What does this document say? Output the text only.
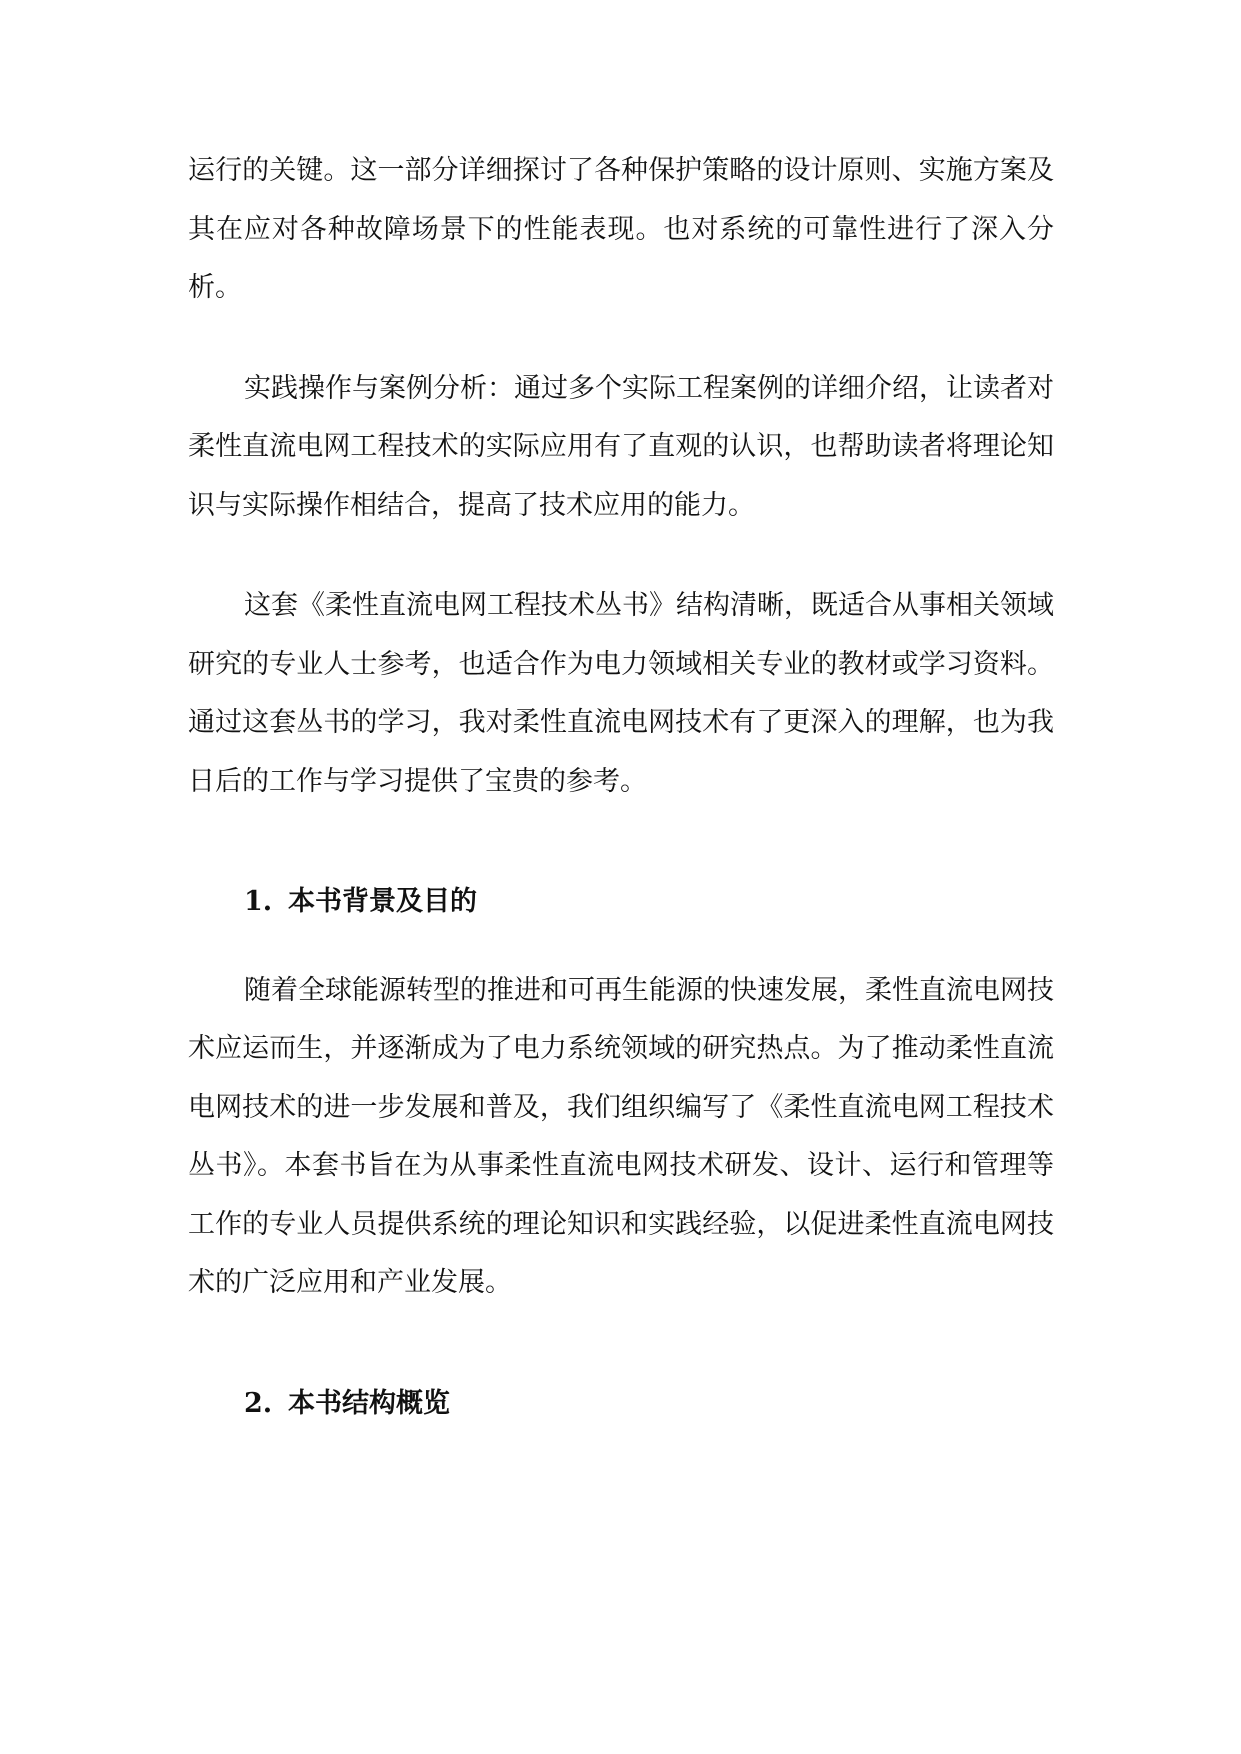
运行的关键。这一部分详细探讨了各种保护策略的设计原则、实施方案及其在应对各种故障场景下的性能表现。也对系统的可靠性进行了深入分析。

实践操作与案例分析：通过多个实际工程案例的详细介绍，让读者对柔性直流电网工程技术的实际应用有了直观的认识，也帮助读者将理论知识与实际操作相结合，提高了技术应用的能力。

这套《柔性直流电网工程技术丛书》结构清晰，既适合从事相关领域研究的专业人士参考，也适合作为电力领域相关专业的教材或学习资料。通过这套丛书的学习，我对柔性直流电网技术有了更深入的理解，也为我日后的工作与学习提供了宝贵的参考。

1. 本书背景及目的

随着全球能源转型的推进和可再生能源的快速发展，柔性直流电网技术应运而生，并逐渐成为了电力系统领域的研究热点。为了推动柔性直流电网技术的进一步发展和普及，我们组织编写了《柔性直流电网工程技术丛书》。本套书旨在为从事柔性直流电网技术研发、设计、运行和管理等工作的专业人员提供系统的理论知识和实践经验，以促进柔性直流电网技术的广泛应用和产业发展。

2. 本书结构概览
